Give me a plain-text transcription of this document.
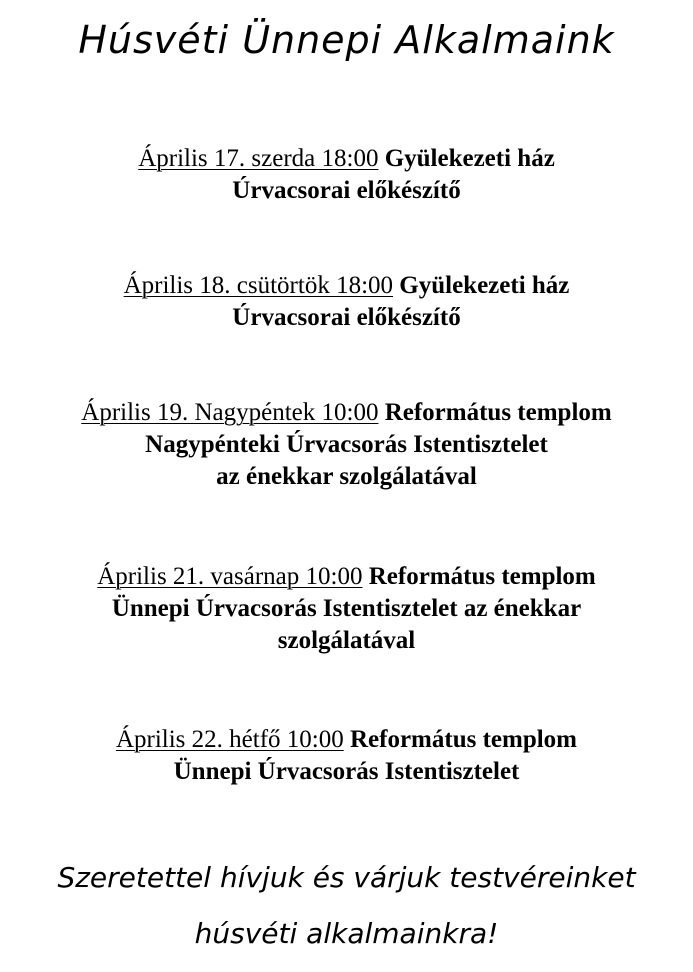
Húsvéti Ünnepi Alkalmaink
Április 17. szerda 18:00 Gyülekezeti ház
Úrvacsorai előkészítő
Április 18. csütörtök 18:00 Gyülekezeti ház
Úrvacsorai előkészítő
Április 19. Nagypéntek 10:00 Református templom
Nagypénteki Úrvacsorás Istentisztelet
az énekkar szolgálatával
Április 21. vasárnap 10:00 Református templom
Ünnepi Úrvacsorás Istentisztelet az énekkar
szolgálatával
Április 22. hétfő 10:00 Református templom
Ünnepi Úrvacsorás Istentisztelet
Szeretettel hívjuk és várjuk testvéreinket
húsvéti alkalmainkra!
